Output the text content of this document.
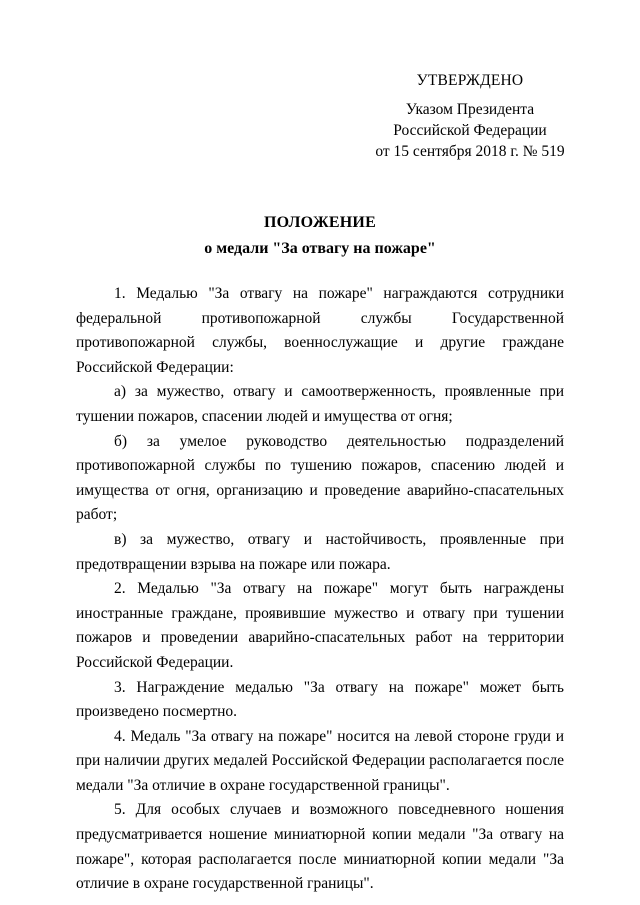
УТВЕРЖДЕНО
Указом Президента
Российской Федерации
от 15 сентября 2018 г. № 519
ПОЛОЖЕНИЕ
о медали "За отвагу на пожаре"

1. Медалью "За отвагу на пожаре" награждаются сотрудники федеральной противопожарной службы Государственной противопожарной службы, военнослужащие и другие граждане Российской Федерации:

а) за мужество, отвагу и самоотверженность, проявленные при тушении пожаров, спасении людей и имущества от огня;

б) за умелое руководство деятельностью подразделений противопожарной службы по тушению пожаров, спасению людей и имущества от огня, организацию и проведение аварийно-спасательных работ;

в) за мужество, отвагу и настойчивость, проявленные при предотвращении взрыва на пожаре или пожара.

2. Медалью "За отвагу на пожаре" могут быть награждены иностранные граждане, проявившие мужество и отвагу при тушении пожаров и проведении аварийно-спасательных работ на территории Российской Федерации.

3. Награждение медалью "За отвагу на пожаре" может быть произведено посмертно.

4. Медаль "За отвагу на пожаре" носится на левой стороне груди и при наличии других медалей Российской Федерации располагается после медали "За отличие в охране государственной границы".

5. Для особых случаев и возможного повседневного ношения предусматривается ношение миниатюрной копии медали "За отвагу на пожаре", которая располагается после миниатюрной копии медали "За отличие в охране государственной границы".
